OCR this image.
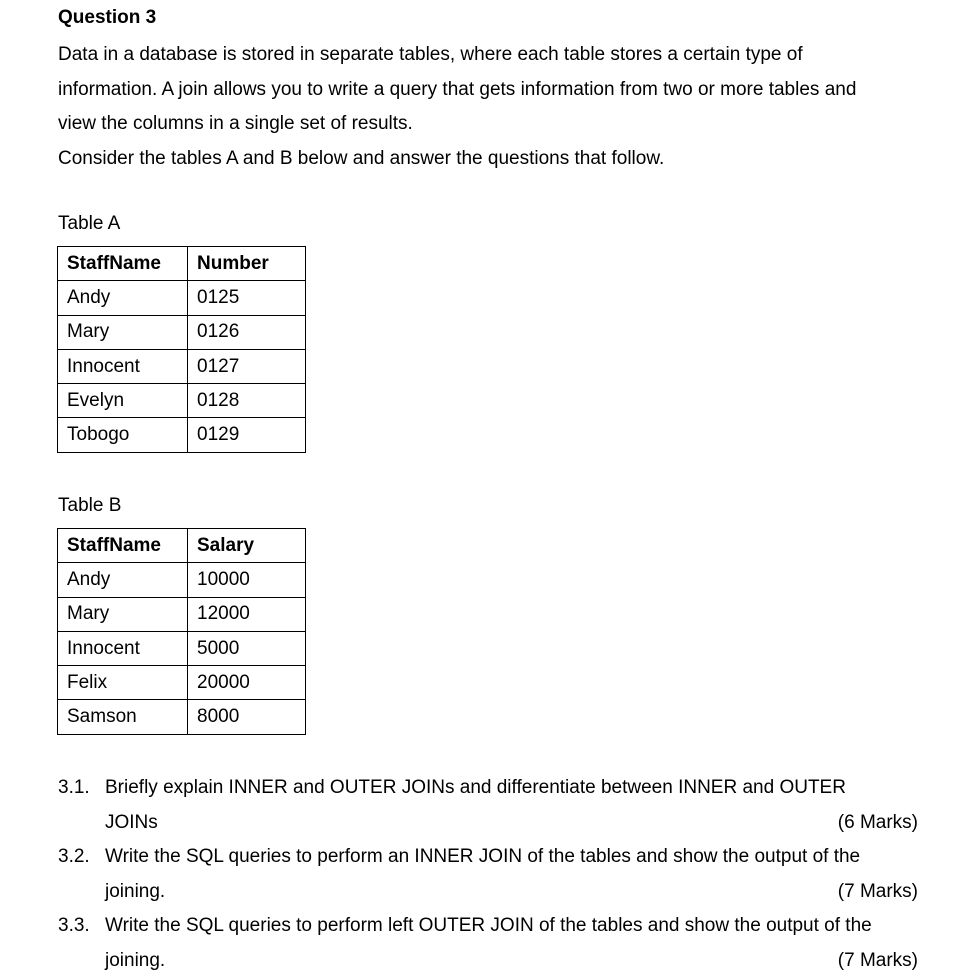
Question 3
Data in a database is stored in separate tables, where each table stores a certain type of
information. A join allows you to write a query that gets information from two or more tables and
view the columns in a single set of results.
Consider the tables A and B below and answer the questions that follow.
Table A
StaffName	Number
Andy	0125
Mary	0126
Innocent	0127
Evelyn	0128
Tobogo	0129
Table B
StaffName	Salary
Andy	10000
Mary	12000
Innocent	5000
Felix	20000
Samson	8000
3.1. Briefly explain INNER and OUTER JOINs and differentiate between INNER and OUTER
JOINs	(6 Marks)
3.2. Write the SQL queries to perform an INNER JOIN of the tables and show the output of the
joining.	(7 Marks)
3.3. Write the SQL queries to perform left OUTER JOIN of the tables and show the output of the
joining.	(7 Marks)
